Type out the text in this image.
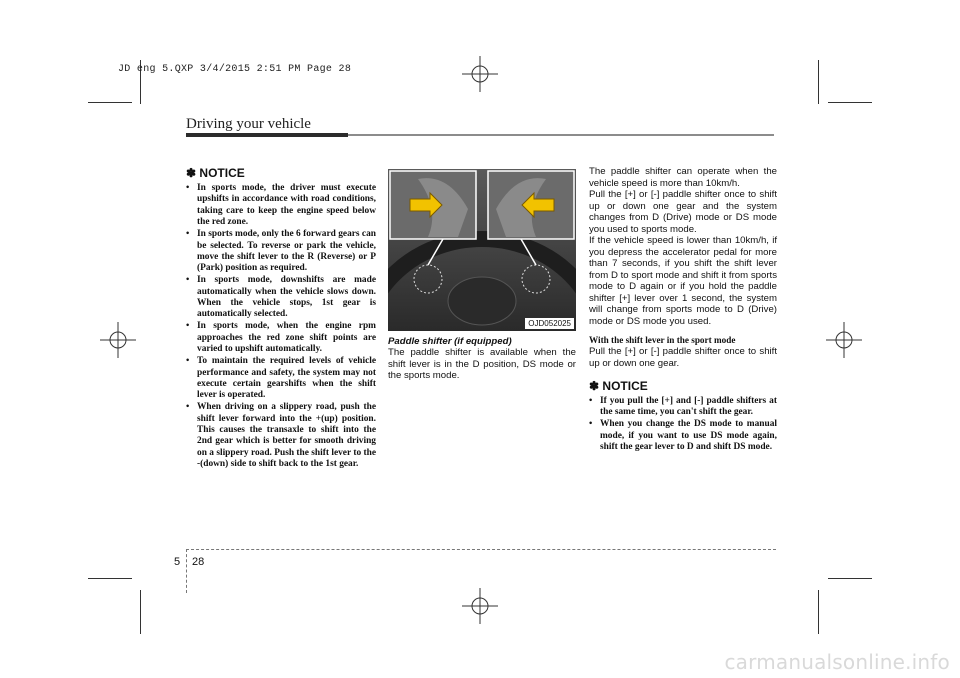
JD eng 5.QXP 3/4/2015 2:51 PM Page 28
Driving your vehicle
✽ NOTICE
• In sports mode, the driver must execute upshifts in accordance with road conditions, taking care to keep the engine speed below the red zone.
• In sports mode, only the 6 forward gears can be selected. To reverse or park the vehicle, move the shift lever to the R (Reverse) or P (Park) position as required.
• In sports mode, downshifts are made automatically when the vehicle slows down. When the vehicle stops, 1st gear is automatically selected.
• In sports mode, when the engine rpm approaches the red zone shift points are varied to upshift automatically.
• To maintain the required levels of vehicle performance and safety, the system may not execute certain gearshifts when the shift lever is operated.
• When driving on a slippery road, push the shift lever forward into the +(up) position. This causes the transaxle to shift into the 2nd gear which is better for smooth driving on a slippery road. Push the shift lever to the -(down) side to shift back to the 1st gear.
OJD052025
Paddle shifter (if equipped)

The paddle shifter is available when the shift lever is in the D position, DS mode or the sports mode.

The paddle shifter can operate when the vehicle speed is more than 10km/h.

Pull the [+] or [-] paddle shifter once to shift up or down one gear and the system changes from D (Drive) mode or DS mode you used to sports mode.

If the vehicle speed is lower than 10km/h, if you depress the accelerator pedal for more than 7 seconds, if you shift the shift lever from D to sport mode and shift it from sports mode to D again or if you hold the paddle shifter [+] lever over 1 second, the system will change from sports mode to D (Drive) mode or DS mode you used.

With the shift lever in the sport mode

Pull the [+] or [-] paddle shifter once to shift up or down one gear.

✽ NOTICE
• If you pull the [+] and [-] paddle shifters at the same time, you can't shift the gear.
• When you change the DS mode to manual mode, if you want to use DS mode again, shift the gear lever to D and shift DS mode.
5 28
carmanualsonline.info
